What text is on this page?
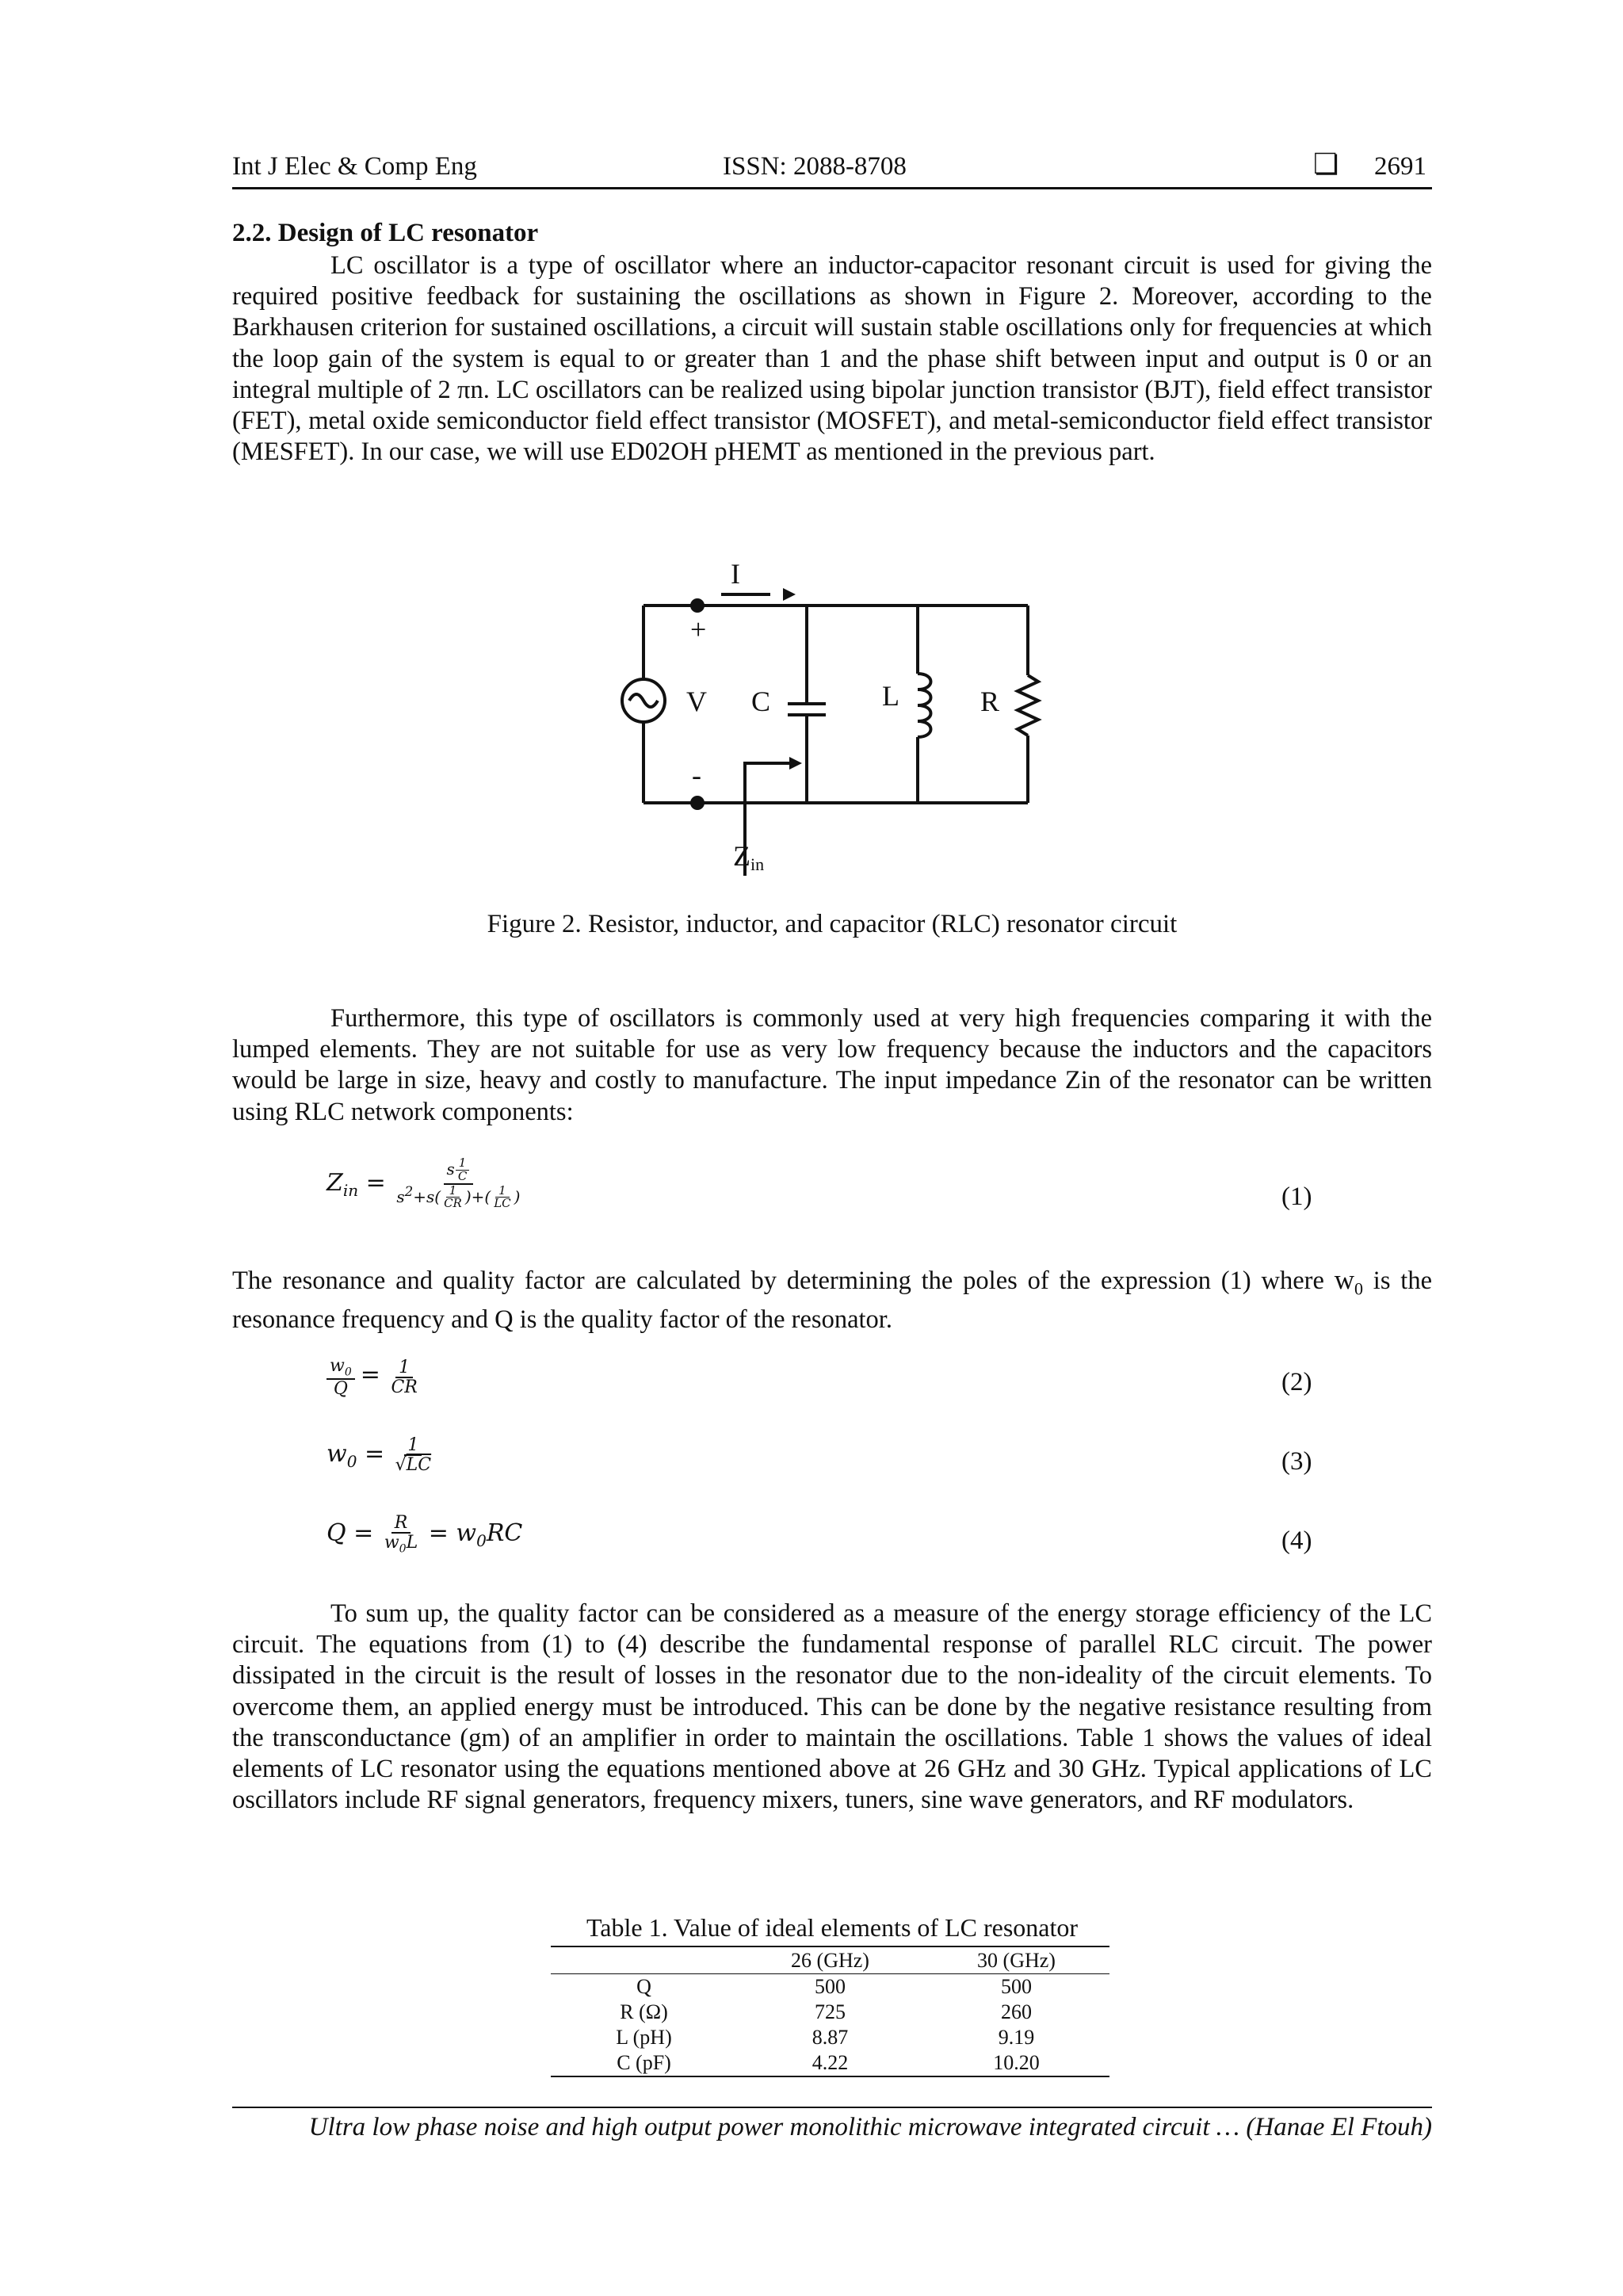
Int J Elec & Comp Eng	ISSN: 2088-8708	❏ 2691
2.2. Design of LC resonator
LC oscillator is a type of oscillator where an inductor-capacitor resonant circuit is used for giving the required positive feedback for sustaining the oscillations as shown in Figure 2. Moreover, according to the Barkhausen criterion for sustained oscillations, a circuit will sustain stable oscillations only for frequencies at which the loop gain of the system is equal to or greater than 1 and the phase shift between input and output is 0 or an integral multiple of 2 πn. LC oscillators can be realized using bipolar junction transistor (BJT), field effect transistor (FET), metal oxide semiconductor field effect transistor (MOSFET), and metal-semiconductor field effect transistor (MESFET). In our case, we will use ED02OH pHEMT as mentioned in the previous part.
I
+
-
V C	L	R
Z in
Figure 2. Resistor, inductor, and capacitor (RLC) resonator circuit
Furthermore, this type of oscillators is commonly used at very high frequencies comparing it with the lumped elements. They are not suitable for use as very low frequency because the inductors and the capacitors would be large in size, heavy and costly to manufacture. The input impedance Zin of the resonator can be written using RLC network components:
$Z_{in} = \frac{s \frac{1}{C}}{s^2+s( \frac{1}{CR} )+( \frac{1}{LC} )}$	(1)
The resonance and quality factor are calculated by determining the poles of the expression (1) where $w_0$ is the resonance frequency and Q is the quality factor of the resonator.
$\frac{w_0}{Q} = \frac{1}{CR}$	(2)
$w_0 = \frac{1}{√LC}$	(3)
$Q = \frac{R}{w_0L} = w_0RC$	(4)
To sum up, the quality factor can be considered as a measure of the energy storage efficiency of the LC circuit. The equations from (1) to (4) describe the fundamental response of parallel RLC circuit. The power dissipated in the circuit is the result of losses in the resonator due to the non-ideality of the circuit elements. To overcome them, an applied energy must be introduced. This can be done by the negative resistance resulting from the transconductance (gm) of an amplifier in order to maintain the oscillations. Table 1 shows the values of ideal elements of LC resonator using the equations mentioned above at 26 GHz and 30 GHz. Typical applications of LC oscillators include RF signal generators, frequency mixers, tuners, sine wave generators, and RF modulators.
Table 1. Value of ideal elements of LC resonator
	26 (GHz)	30 (GHz)
Q	500	500
R (Ω)	725	260
L (pH)	8.87	9.19
C (pF)	4.22	10.20
Ultra low phase noise and high output power monolithic microwave integrated circuit … (Hanae El Ftouh)
